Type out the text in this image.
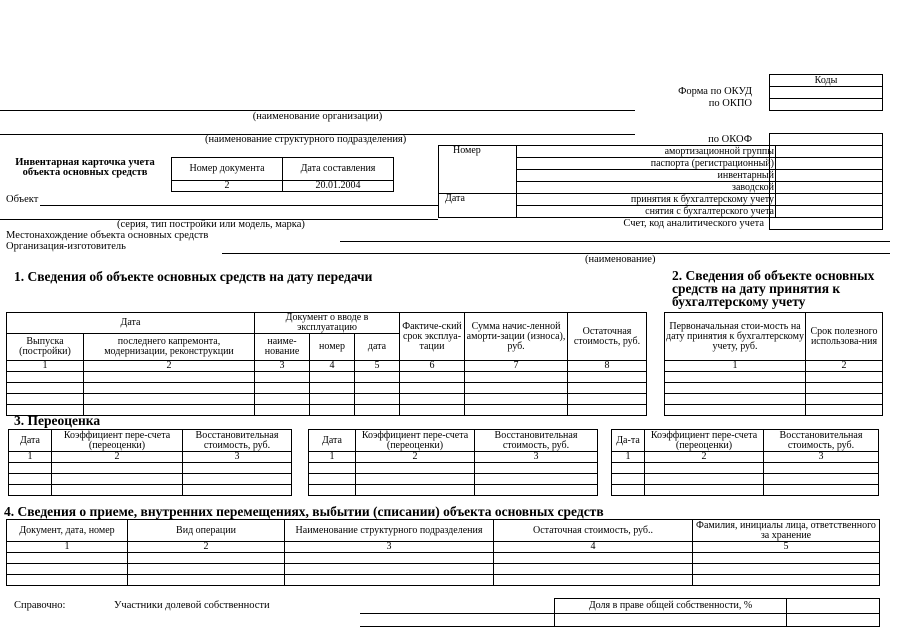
Форма по ОКУД
по ОКПО
Коды

(наименование организации)
(наименование структурного подразделения)	по ОКОФ
Инвентарная карточка учета объекта основных средств	Номер документа	Дата составления
2	20.01.2004
Номер	амортизационной группы
	паспорта (регистрационный)
	инвентарный
	заводской
Дата	принятия к бухгалтерскому учету
	снятия с бухгалтерского учета

Счет, код аналитического учета
Объект
(серия, тип постройки или модель, марка)
Местонахождение объекта основных средств
Организация-изготовитель
(наименование)
1. Сведения об объекте основных средств на дату передачи
Дата		Документ о вводе в эксплуатацию			Фактиче-ский срок эксплуа-тации	Сумма начис-ленной аморти-зации (износа), руб.	Остаточная стоимость, руб.
Выпуска (постройки)	последнего капремонта, модернизации, реконструкции	наиме-нование	номер	дата			
1	2	3	4	5	6	7	8

2. Сведения об объекте основных средств на дату принятия к бухгалтерскому учету
Первоначальная стои-мость на дату принятия к бухгалтерскому учету, руб.	Срок полезного использова-ния
1	2

3. Переоценка
Дата	Коэффициент пере-счета (переоценки)	Восстановительная стоимость, руб.
1	2	3

Дата	Коэффициент пере-счета (переоценки)	Восстановительная стоимость, руб.
1	2	3

Да-та	Коэффициент пере-счета (переоценки)	Восстановительная стоимость, руб.
1	2	3

4. Сведения о приеме, внутренних перемещениях, выбытии (списании) объекта основных средств
Документ, дата, номер	Вид операции	Наименование структурного подразделения	Остаточная стоимость, руб..	Фамилия, инициалы лица, ответственного за хранение
1	2	3	4	5

Справочно:	Участники долевой собственности	Доля в праве общей собственности, %	
